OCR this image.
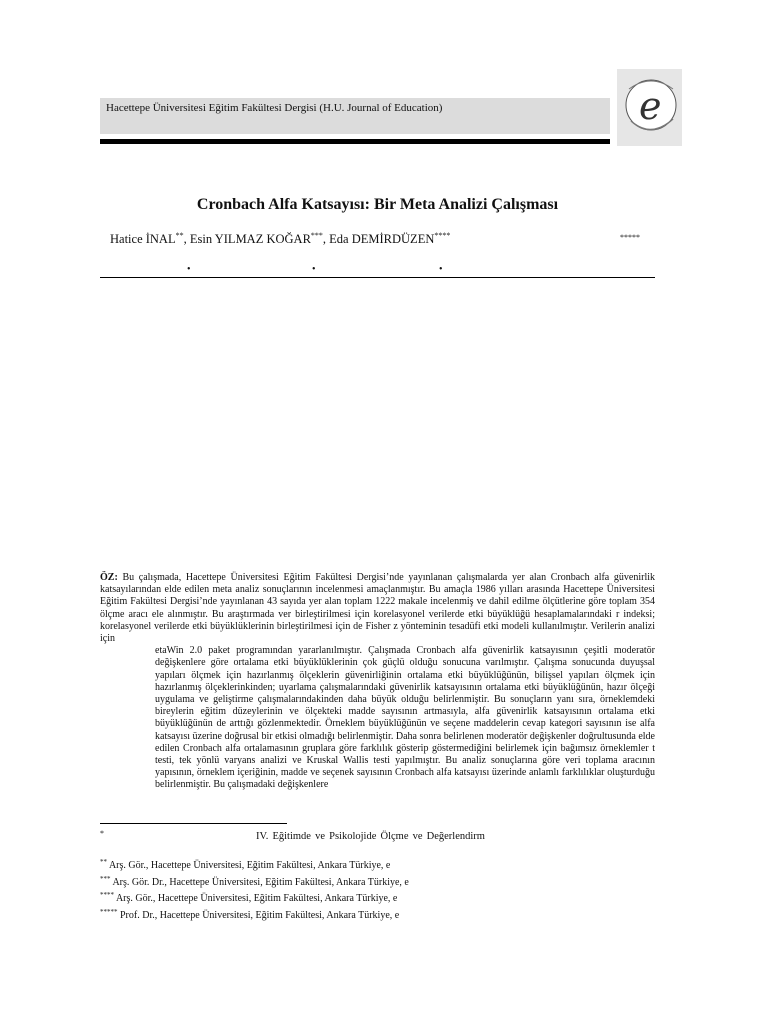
Hacettepe Üniversitesi Eğitim Fakültesi Dergisi (H.U. Journal of Education)	e
Cronbach Alfa Katsayısı: Bir Meta Analizi Çalışması
Hatice İNAL**, Esin YILMAZ KOĞAR***, Eda DEMİRDÜZEN****	*****
•	•	•
ÖZ: Bu çalışmada, Hacettepe Üniversitesi Eğitim Fakültesi Dergisi’nde yayınlanan çalışmalarda yer alan Cronbach alfa güvenirlik katsayılarından elde edilen meta analiz sonuçlarının incelenmesi amaçlanmıştır. Bu amaçla 1986 yılları arasında Hacettepe Üniversitesi Eğitim Fakültesi Dergisi’nde yayınlanan 43 sayıda yer alan toplam 1222 makale incelenmiş ve dahil edilme ölçütlerine göre toplam 354 ölçme aracı ele alınmıştır. Bu araştırmada ver birleştirilmesi için korelasyonel verilerde etki büyüklüğü hesaplamalarındaki r indeksi; korelasyonel verilerde etki büyüklüklerinin birleştirilmesi için de Fisher z yönteminin tesadüfi etki modeli kullanılmıştır. Verilerin analizi için
etaWin 2.0 paket programından yararlanılmıştır. Çalışmada Cronbach alfa güvenirlik katsayısının çeşitli moderatör değişkenlere göre ortalama etki büyüklüklerinin çok güçlü olduğu sonucuna varılmıştır. Çalışma sonucunda duyuşsal yapıları ölçmek için hazırlanmış ölçeklerin güvenirliğinin ortalama etki büyüklüğünün, bilişsel yapıları ölçmek için hazırlanmış ölçeklerinkinden; uyarlama çalışmalarındaki güvenirlik katsayısının ortalama etki büyüklüğünün, hazır ölçeği uygulama ve geliştirme çalışmalarındakinden daha büyük olduğu belirlenmiştir. Bu sonuçların yanı sıra, örneklemdeki bireylerin eğitim düzeylerinin ve ölçekteki madde sayısının artmasıyla, alfa güvenirlik katsayısının ortalama etki büyüklüğünün de arttığı gözlenmektedir. Örneklem büyüklüğünün ve seçene maddelerin cevap kategori sayısının ise alfa katsayısı üzerine doğrusal bir etkisi olmadığı belirlenmiştir. Daha sonra belirlenen moderatör değişkenler doğrultusunda elde edilen Cronbach alfa ortalamasının gruplara göre farklılık gösterip göstermediğini belirlemek için bağımsız örneklemler t testi, tek yönlü varyans analizi ve Kruskal Wallis testi yapılmıştır. Bu analiz sonuçlarına göre veri toplama aracının yapısının, örneklem içeriğinin, madde ve seçenek sayısının Cronbach alfa katsayısı üzerinde anlamlı farklılıklar oluşturduğu belirlenmiştir. Bu çalışmadaki değişkenlere
*	IV. Eğitimde ve Psikolojide Ölçme ve Değerlendirm
** Arş. Gör., Hacettepe Üniversitesi, Eğitim Fakültesi, Ankara Türkiye, e
*** Arş. Gör. Dr., Hacettepe Üniversitesi, Eğitim Fakültesi, Ankara Türkiye, e
**** Arş. Gör., Hacettepe Üniversitesi, Eğitim Fakültesi, Ankara Türkiye, e
***** Prof. Dr., Hacettepe Üniversitesi, Eğitim Fakültesi, Ankara Türkiye, e
